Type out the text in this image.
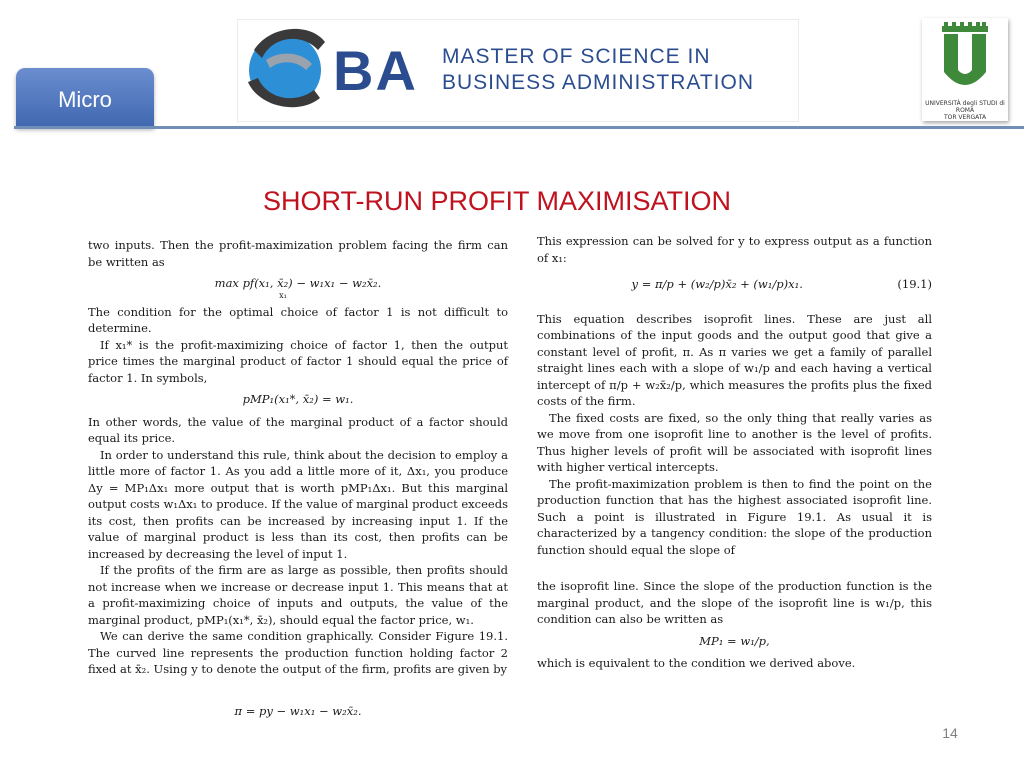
Micro	BA MASTER OF SCIENCE IN
BUSINESS ADMINISTRATION
UNIVERSITÀ degli STUDI di ROMA
TOR VERGATA
SHORT-RUN PROFIT MAXIMISATION

two inputs. Then the profit-maximization problem facing the firm can be written as

max pf(x₁, x̄₂) − w₁x₁ − w₂x̄₂.
x₁

The condition for the optimal choice of factor 1 is not difficult to determine.

If x₁* is the profit-maximizing choice of factor 1, then the output price times the marginal product of factor 1 should equal the price of factor 1. In symbols,

pMP₁(x₁*, x̄₂) = w₁.

In other words, the value of the marginal product of a factor should equal its price.

In order to understand this rule, think about the decision to employ a little more of factor 1. As you add a little more of it, Δx₁, you produce Δy = MP₁Δx₁ more output that is worth pMP₁Δx₁. But this marginal output costs w₁Δx₁ to produce. If the value of marginal product exceeds its cost, then profits can be increased by increasing input 1. If the value of marginal product is less than its cost, then profits can be increased by decreasing the level of input 1.

If the profits of the firm are as large as possible, then profits should not increase when we increase or decrease input 1. This means that at a profit-maximizing choice of inputs and outputs, the value of the marginal product, pMP₁(x₁*, x̄₂), should equal the factor price, w₁.

We can derive the same condition graphically. Consider Figure 19.1. The curved line represents the production function holding factor 2 fixed at x̄₂. Using y to denote the output of the firm, profits are given by

π = py − w₁x₁ − w₂x̄₂.

This expression can be solved for y to express output as a function of x₁:

y = π/p + (w₂/p)x̄₂ + (w₁/p)x₁.	(19.1)

This equation describes isoprofit lines. These are just all combinations of the input goods and the output good that give a constant level of profit, π. As π varies we get a family of parallel straight lines each with a slope of w₁/p and each having a vertical intercept of π/p + w₂x̄₂/p, which measures the profits plus the fixed costs of the firm.

The fixed costs are fixed, so the only thing that really varies as we move from one isoprofit line to another is the level of profits. Thus higher levels of profit will be associated with isoprofit lines with higher vertical intercepts.

The profit-maximization problem is then to find the point on the production function that has the highest associated isoprofit line. Such a point is illustrated in Figure 19.1. As usual it is characterized by a tangency condition: the slope of the production function should equal the slope of

the isoprofit line. Since the slope of the production function is the marginal product, and the slope of the isoprofit line is w₁/p, this condition can also be written as

MP₁ = w₁/p,

which is equivalent to the condition we derived above.

14
